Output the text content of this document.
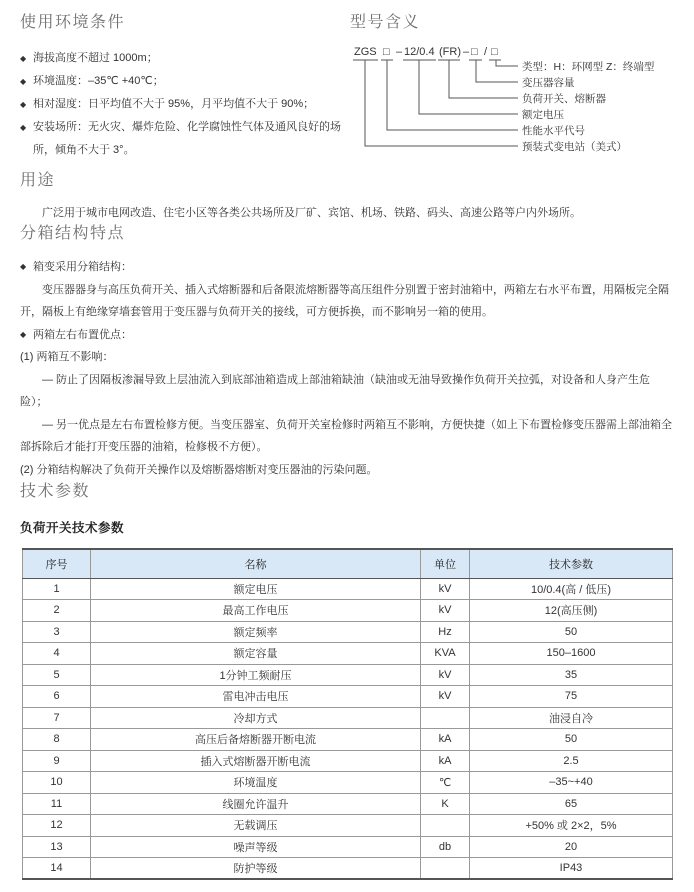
使用环境条件
◆ 海拔高度不超过 1000m；
◆ 环境温度：–35℃ +40℃；
◆ 相对湿度：日平均值不大于 95%，月平均值不大于 90%；
◆ 安装场所：无火灾、爆炸危险、化学腐蚀性气体及通风良好的场所，倾角不大于 3°。
型号含义
ZGS □ – 12/0.4 (FR) – □ / □
类型：H：环网型 Z：终端型
变压器容量
负荷开关、熔断器
额定电压
性能水平代号
预装式变电站（美式）
用途

广泛用于城市电网改造、住宅小区等各类公共场所及厂矿、宾馆、机场、铁路、码头、高速公路等户内外场所。

分箱结构特点
◆ 箱变采用分箱结构：
变压器器身与高压负荷开关、插入式熔断器和后备限流熔断器等高压组件分别置于密封油箱中，两箱左右水平布置，用隔板完全隔开，隔板上有绝缘穿墙套管用于变压器与负荷开关的接线，可方便拆换，而不影响另一箱的使用。
◆ 两箱左右布置优点：
(1) 两箱互不影响：
— 防止了因隔板渗漏导致上层油流入到底部油箱造成上部油箱缺油（缺油或无油导致操作负荷开关拉弧，对设备和人身产生危险）；
— 另一优点是左右布置检修方便。当变压器室、负荷开关室检修时两箱互不影响，方便快捷（如上下布置检修变压器需上部油箱全部拆除后才能打开变压器的油箱，检修极不方便）。
(2) 分箱结构解决了负荷开关操作以及熔断器熔断对变压器油的污染问题。
技术参数
负荷开关技术参数
序号	名称	单位	技术参数
1	额定电压	kV	10/0.4(高 / 低压)
2	最高工作电压	kV	12(高压侧)
3	额定频率	Hz	50
4	额定容量	KVA	150–1600
5	1分钟工频耐压	kV	35
6	雷电冲击电压	kV	75
7	冷却方式		油浸自冷
8	高压后备熔断器开断电流	kA	50
9	插入式熔断器开断电流	kA	2.5
10	环境温度	℃	–35~+40
11	线圈允许温升	K	65
12	无载调压		+50% 或 2×2，5%
13	噪声等级	db	20
14	防护等级		IP43
